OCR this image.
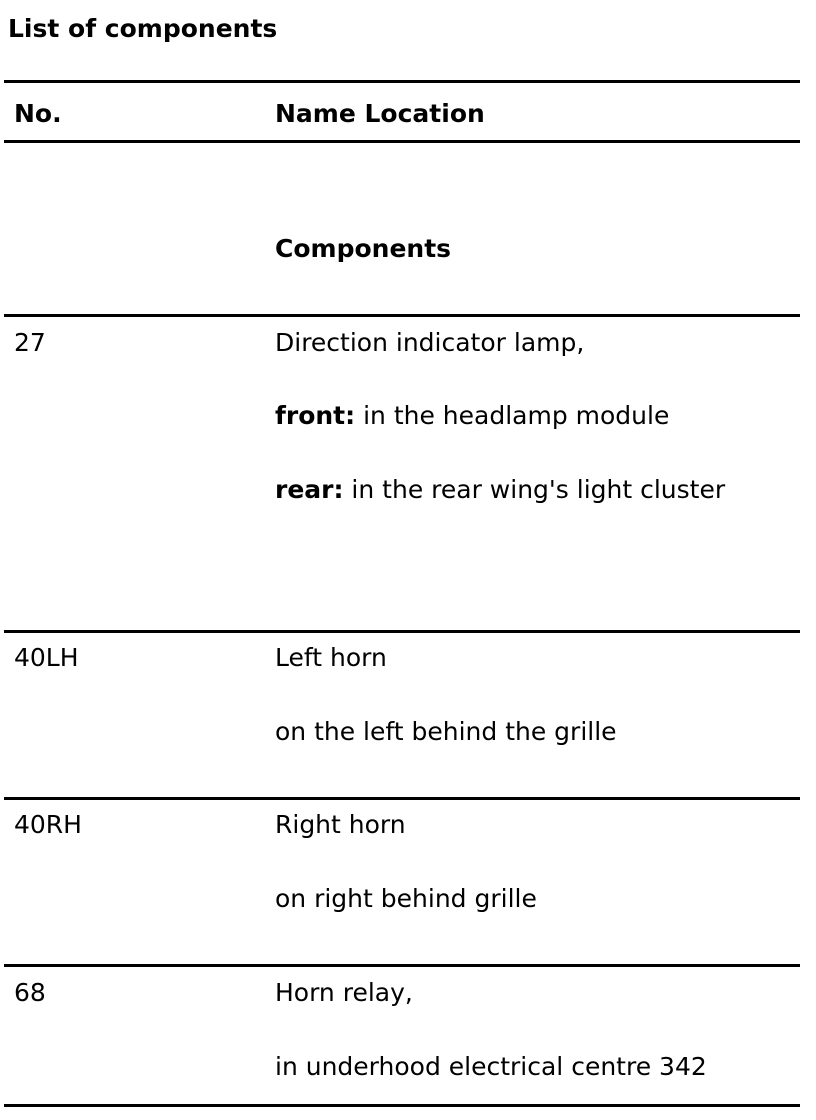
List of components
No.	Name Location
Components
27	Direction indicator lamp,
front: in the headlamp module
rear: in the rear wing's light cluster
40LH	Left horn
on the left behind the grille
40RH	Right horn
on right behind grille
68	Horn relay,
in underhood electrical centre 342
